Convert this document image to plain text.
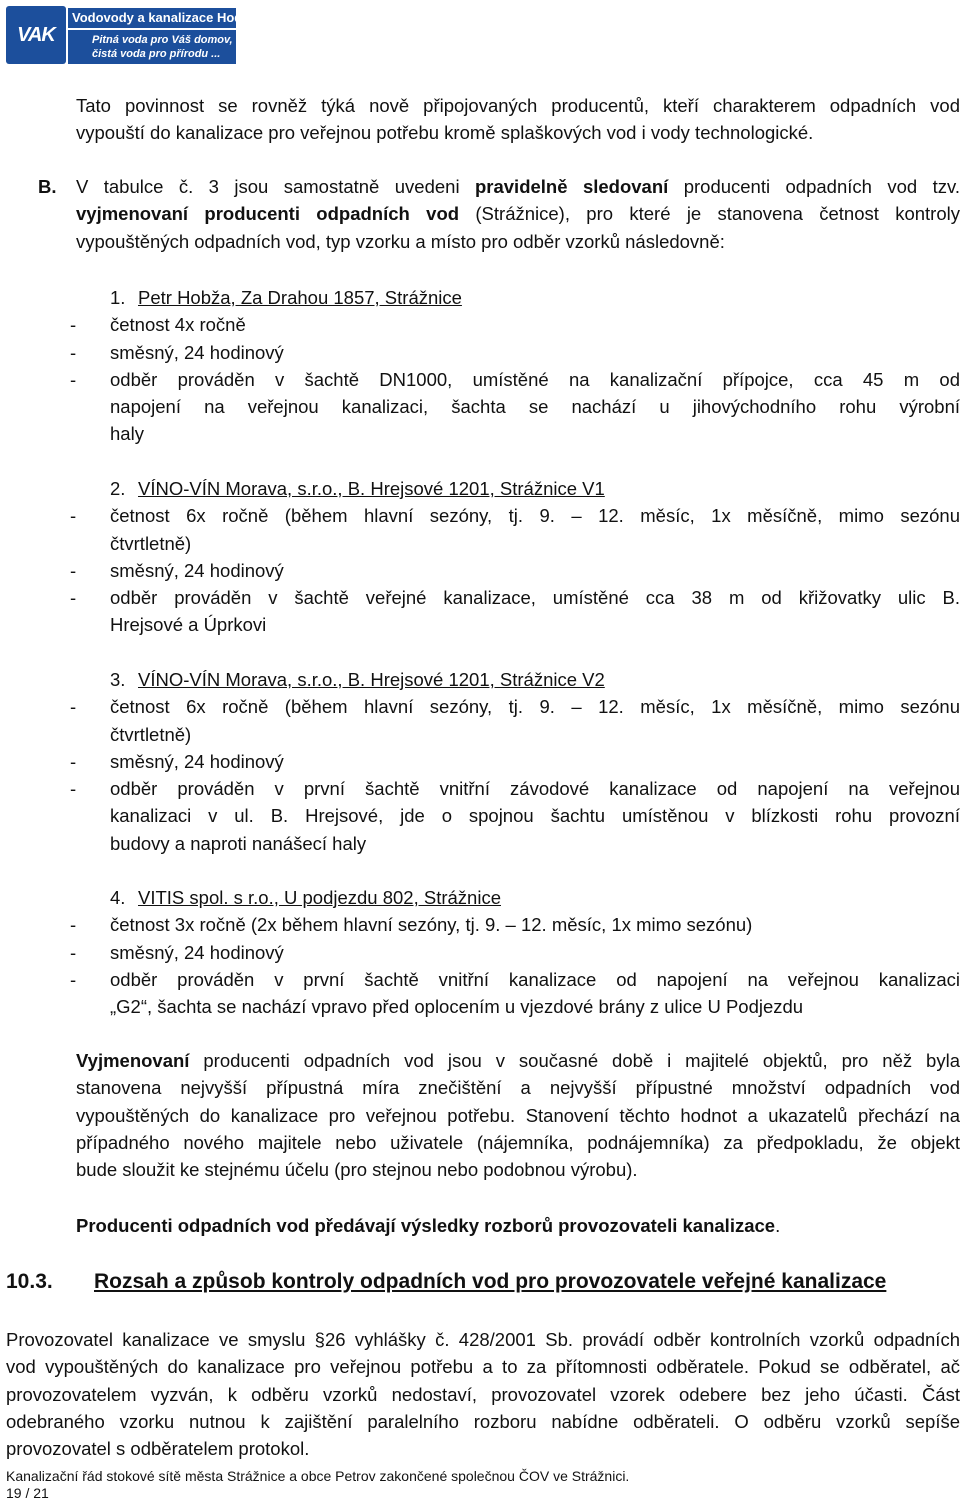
VAK
Vodovody a kanalizace Hodonín, a.s.
Pitná voda pro Váš domov,
čistá voda pro přírodu ...
Tato povinnost se rovněž týká nově připojovaných producentů, kteří charakterem odpadních vod
vypouští do kanalizace pro veřejnou potřebu kromě splaškových vod i vody technologické.
B. V tabulce č. 3 jsou samostatně uvedeni pravidelně sledovaní producenti odpadních vod tzv.
vyjmenovaní producenti odpadních vod (Strážnice), pro které je stanovena četnost kontroly
vypouštěných odpadních vod, typ vzorku a místo pro odběr vzorků následovně:
1. Petr Hobža, Za Drahou 1857, Strážnice
- četnost 4x ročně
- směsný, 24 hodinový
- odběr prováděn v šachtě DN1000, umístěné na kanalizační přípojce, cca 45 m od
napojení na veřejnou kanalizaci, šachta se nachází u jihovýchodního rohu výrobní
haly
2. VÍNO-VÍN Morava, s.r.o., B. Hrejsové 1201, Strážnice V1
- četnost 6x ročně (během hlavní sezóny, tj. 9. – 12. měsíc, 1x měsíčně, mimo sezónu
čtvrtletně)
- směsný, 24 hodinový
- odběr prováděn v šachtě veřejné kanalizace, umístěné cca 38 m od křižovatky ulic B.
Hrejsové a Úprkovi
3. VÍNO-VÍN Morava, s.r.o., B. Hrejsové 1201, Strážnice V2
- četnost 6x ročně (během hlavní sezóny, tj. 9. – 12. měsíc, 1x měsíčně, mimo sezónu
čtvrtletně)
- směsný, 24 hodinový
- odběr prováděn v první šachtě vnitřní závodové kanalizace od napojení na veřejnou
kanalizaci v ul. B. Hrejsové, jde o spojnou šachtu umístěnou v blízkosti rohu provozní
budovy a naproti nanášecí haly
4. VITIS spol. s r.o., U podjezdu 802, Strážnice
- četnost 3x ročně (2x během hlavní sezóny, tj. 9. – 12. měsíc, 1x mimo sezónu)
- směsný, 24 hodinový
- odběr prováděn v první šachtě vnitřní kanalizace od napojení na veřejnou kanalizaci
„G2“, šachta se nachází vpravo před oplocením u vjezdové brány z ulice U Podjezdu
Vyjmenovaní producenti odpadních vod jsou v současné době i majitelé objektů, pro něž byla
stanovena nejvyšší přípustná míra znečištění a nejvyšší přípustné množství odpadních vod
vypouštěných do kanalizace pro veřejnou potřebu. Stanovení těchto hodnot a ukazatelů přechází na
případného nového majitele nebo uživatele (nájemníka, podnájemníka) za předpokladu, že objekt
bude sloužit ke stejnému účelu (pro stejnou nebo podobnou výrobu).
Producenti odpadních vod předávají výsledky rozborů provozovateli kanalizace.
10.3. Rozsah a způsob kontroly odpadních vod pro provozovatele veřejné kanalizace
Provozovatel kanalizace ve smyslu §26 vyhlášky č. 428/2001 Sb. provádí odběr kontrolních vzorků odpadních
vod vypouštěných do kanalizace pro veřejnou potřebu a to za přítomnosti odběratele. Pokud se odběratel, ač
provozovatelem vyzván, k odběru vzorků nedostaví, provozovatel vzorek odebere bez jeho účasti. Část
odebraného vzorku nutnou k zajištění paralelního rozboru nabídne odběrateli. O odběru vzorků sepíše
provozovatel s odběratelem protokol.
Kanalizační řád stokové sítě města Strážnice a obce Petrov zakončené společnou ČOV ve Strážnici.
19 / 21
